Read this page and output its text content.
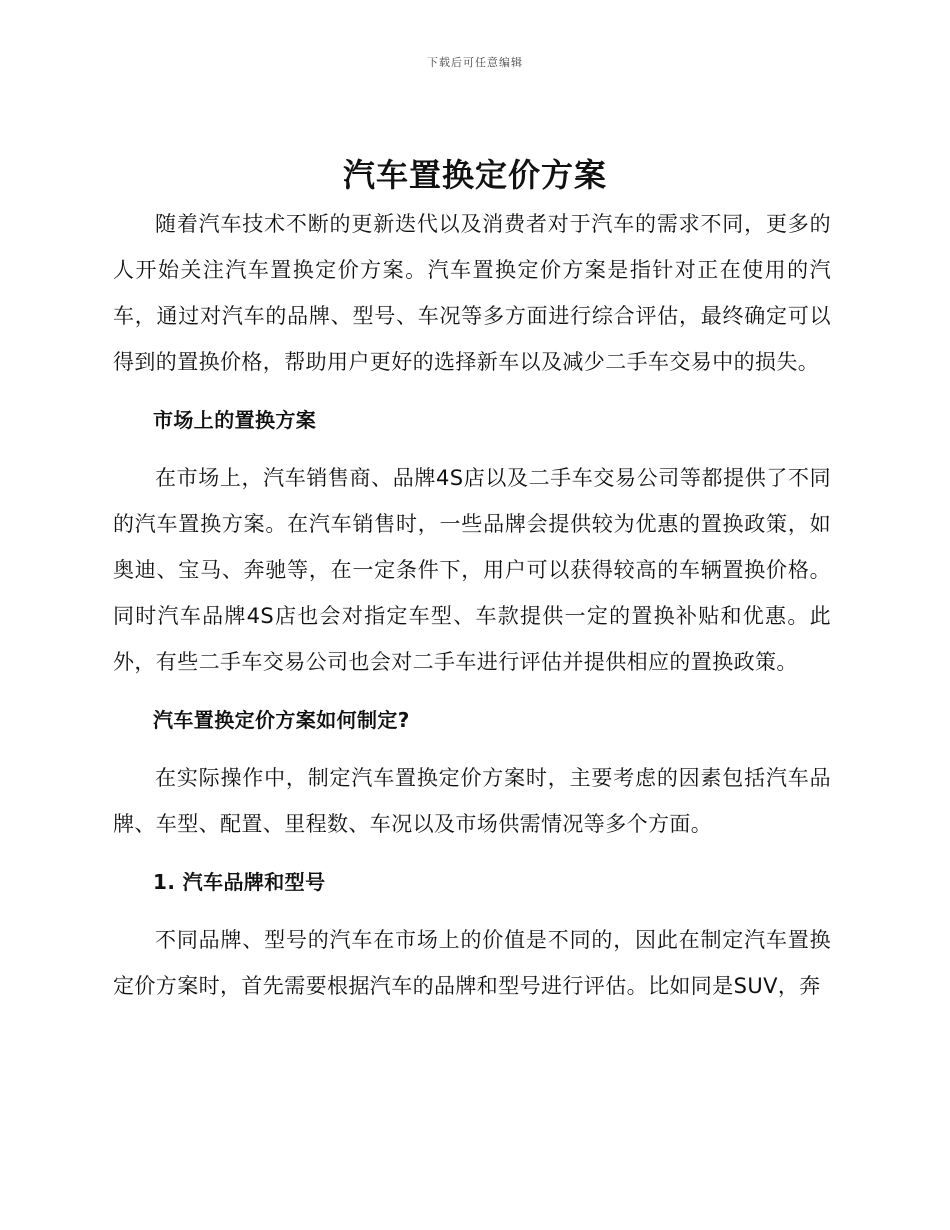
下载后可任意编辑
汽车置换定价方案

随着汽车技术不断的更新迭代以及消费者对于汽车的需求不同，更多的人开始关注汽车置换定价方案。汽车置换定价方案是指针对正在使用的汽车，通过对汽车的品牌、型号、车况等多方面进行综合评估，最终确定可以得到的置换价格，帮助用户更好的选择新车以及减少二手车交易中的损失。

市场上的置换方案

在市场上，汽车销售商、品牌4S店以及二手车交易公司等都提供了不同的汽车置换方案。在汽车销售时，一些品牌会提供较为优惠的置换政策，如奥迪、宝马、奔驰等，在一定条件下，用户可以获得较高的车辆置换价格。同时汽车品牌4S店也会对指定车型、车款提供一定的置换补贴和优惠。此外，有些二手车交易公司也会对二手车进行评估并提供相应的置换政策。

汽车置换定价方案如何制定?

在实际操作中，制定汽车置换定价方案时，主要考虑的因素包括汽车品牌、车型、配置、里程数、车况以及市场供需情况等多个方面。

1. 汽车品牌和型号

不同品牌、型号的汽车在市场上的价值是不同的，因此在制定汽车置换定价方案时，首先需要根据汽车的品牌和型号进行评估。比如同是SUV，奔
